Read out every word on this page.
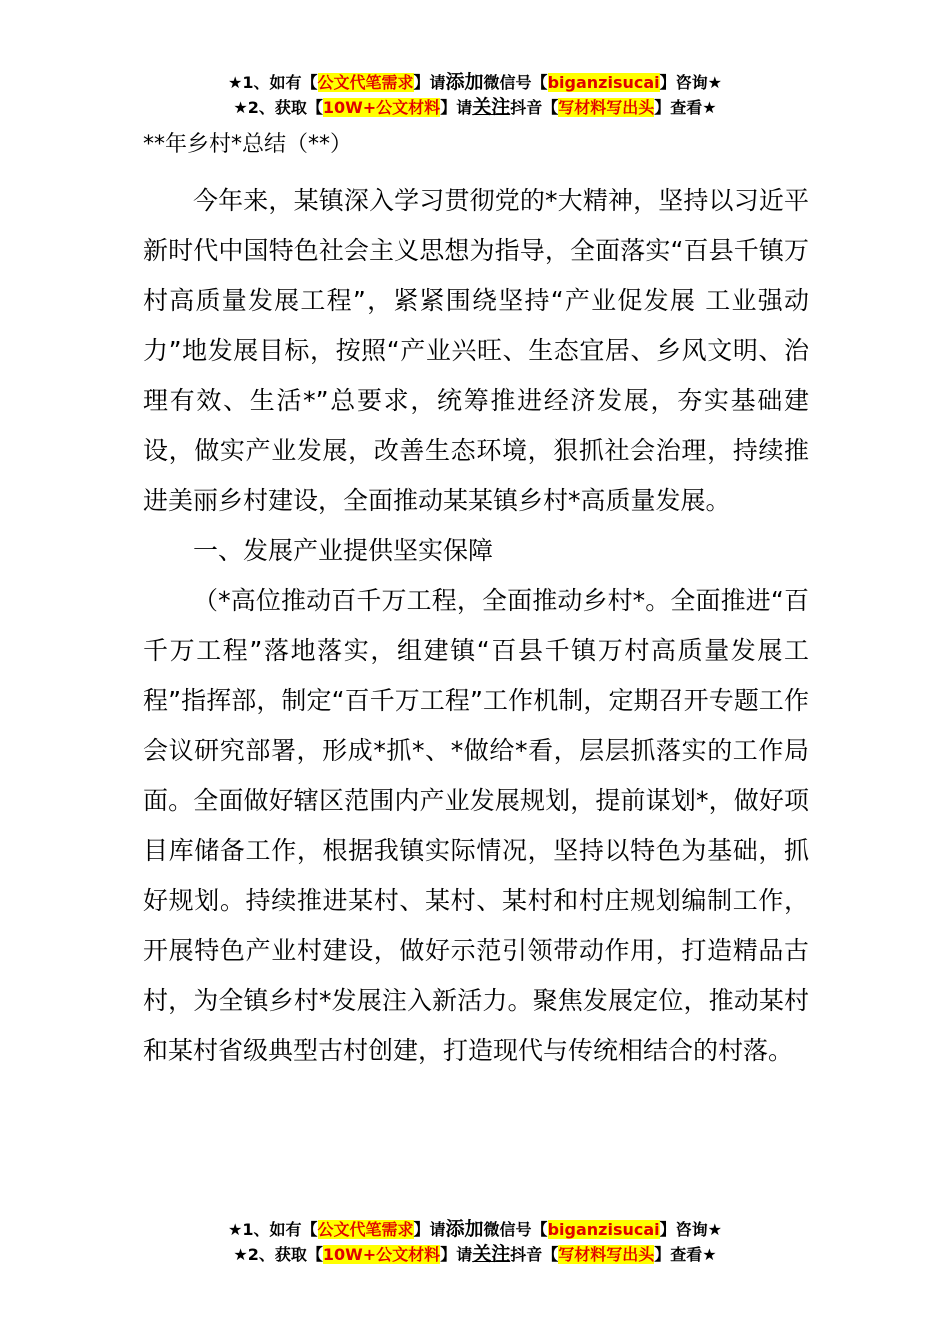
★1、如有【公文代笔需求】请添加微信号【biganzisucai】咨询★
★2、获取【10W+公文材料】请关注抖音【写材料写出头】查看★

**年乡村*总结（**）

今年来，某镇深入学习贯彻党的*大精神，坚持以习近平新时代中国特色社会主义思想为指导，全面落实“百县千镇万村高质量发展工程”，紧紧围绕坚持“产业促发展 工业强动力”地发展目标，按照“产业兴旺、生态宜居、乡风文明、治理有效、生活*”总要求，统筹推进经济发展，夯实基础建设，做实产业发展，改善生态环境，狠抓社会治理，持续推进美丽乡村建设，全面推动某某镇乡村*高质量发展。

一、发展产业提供坚实保障

（*高位推动百千万工程，全面推动乡村*。全面推进“百千万工程”落地落实，组建镇“百县千镇万村高质量发展工程”指挥部，制定“百千万工程”工作机制，定期召开专题工作会议研究部署，形成*抓*、*做给*看，层层抓落实的工作局面。全面做好辖区范围内产业发展规划，提前谋划*，做好项目库储备工作，根据我镇实际情况，坚持以特色为基础，抓好规划。持续推进某村、某村、某村和村庄规划编制工作，开展特色产业村建设，做好示范引领带动作用，打造精品古村，为全镇乡村*发展注入新活力。聚焦发展定位，推动某村和某村省级典型古村创建，打造现代与传统相结合的村落。

★1、如有【公文代笔需求】请添加微信号【biganzisucai】咨询★
★2、获取【10W+公文材料】请关注抖音【写材料写出头】查看★
